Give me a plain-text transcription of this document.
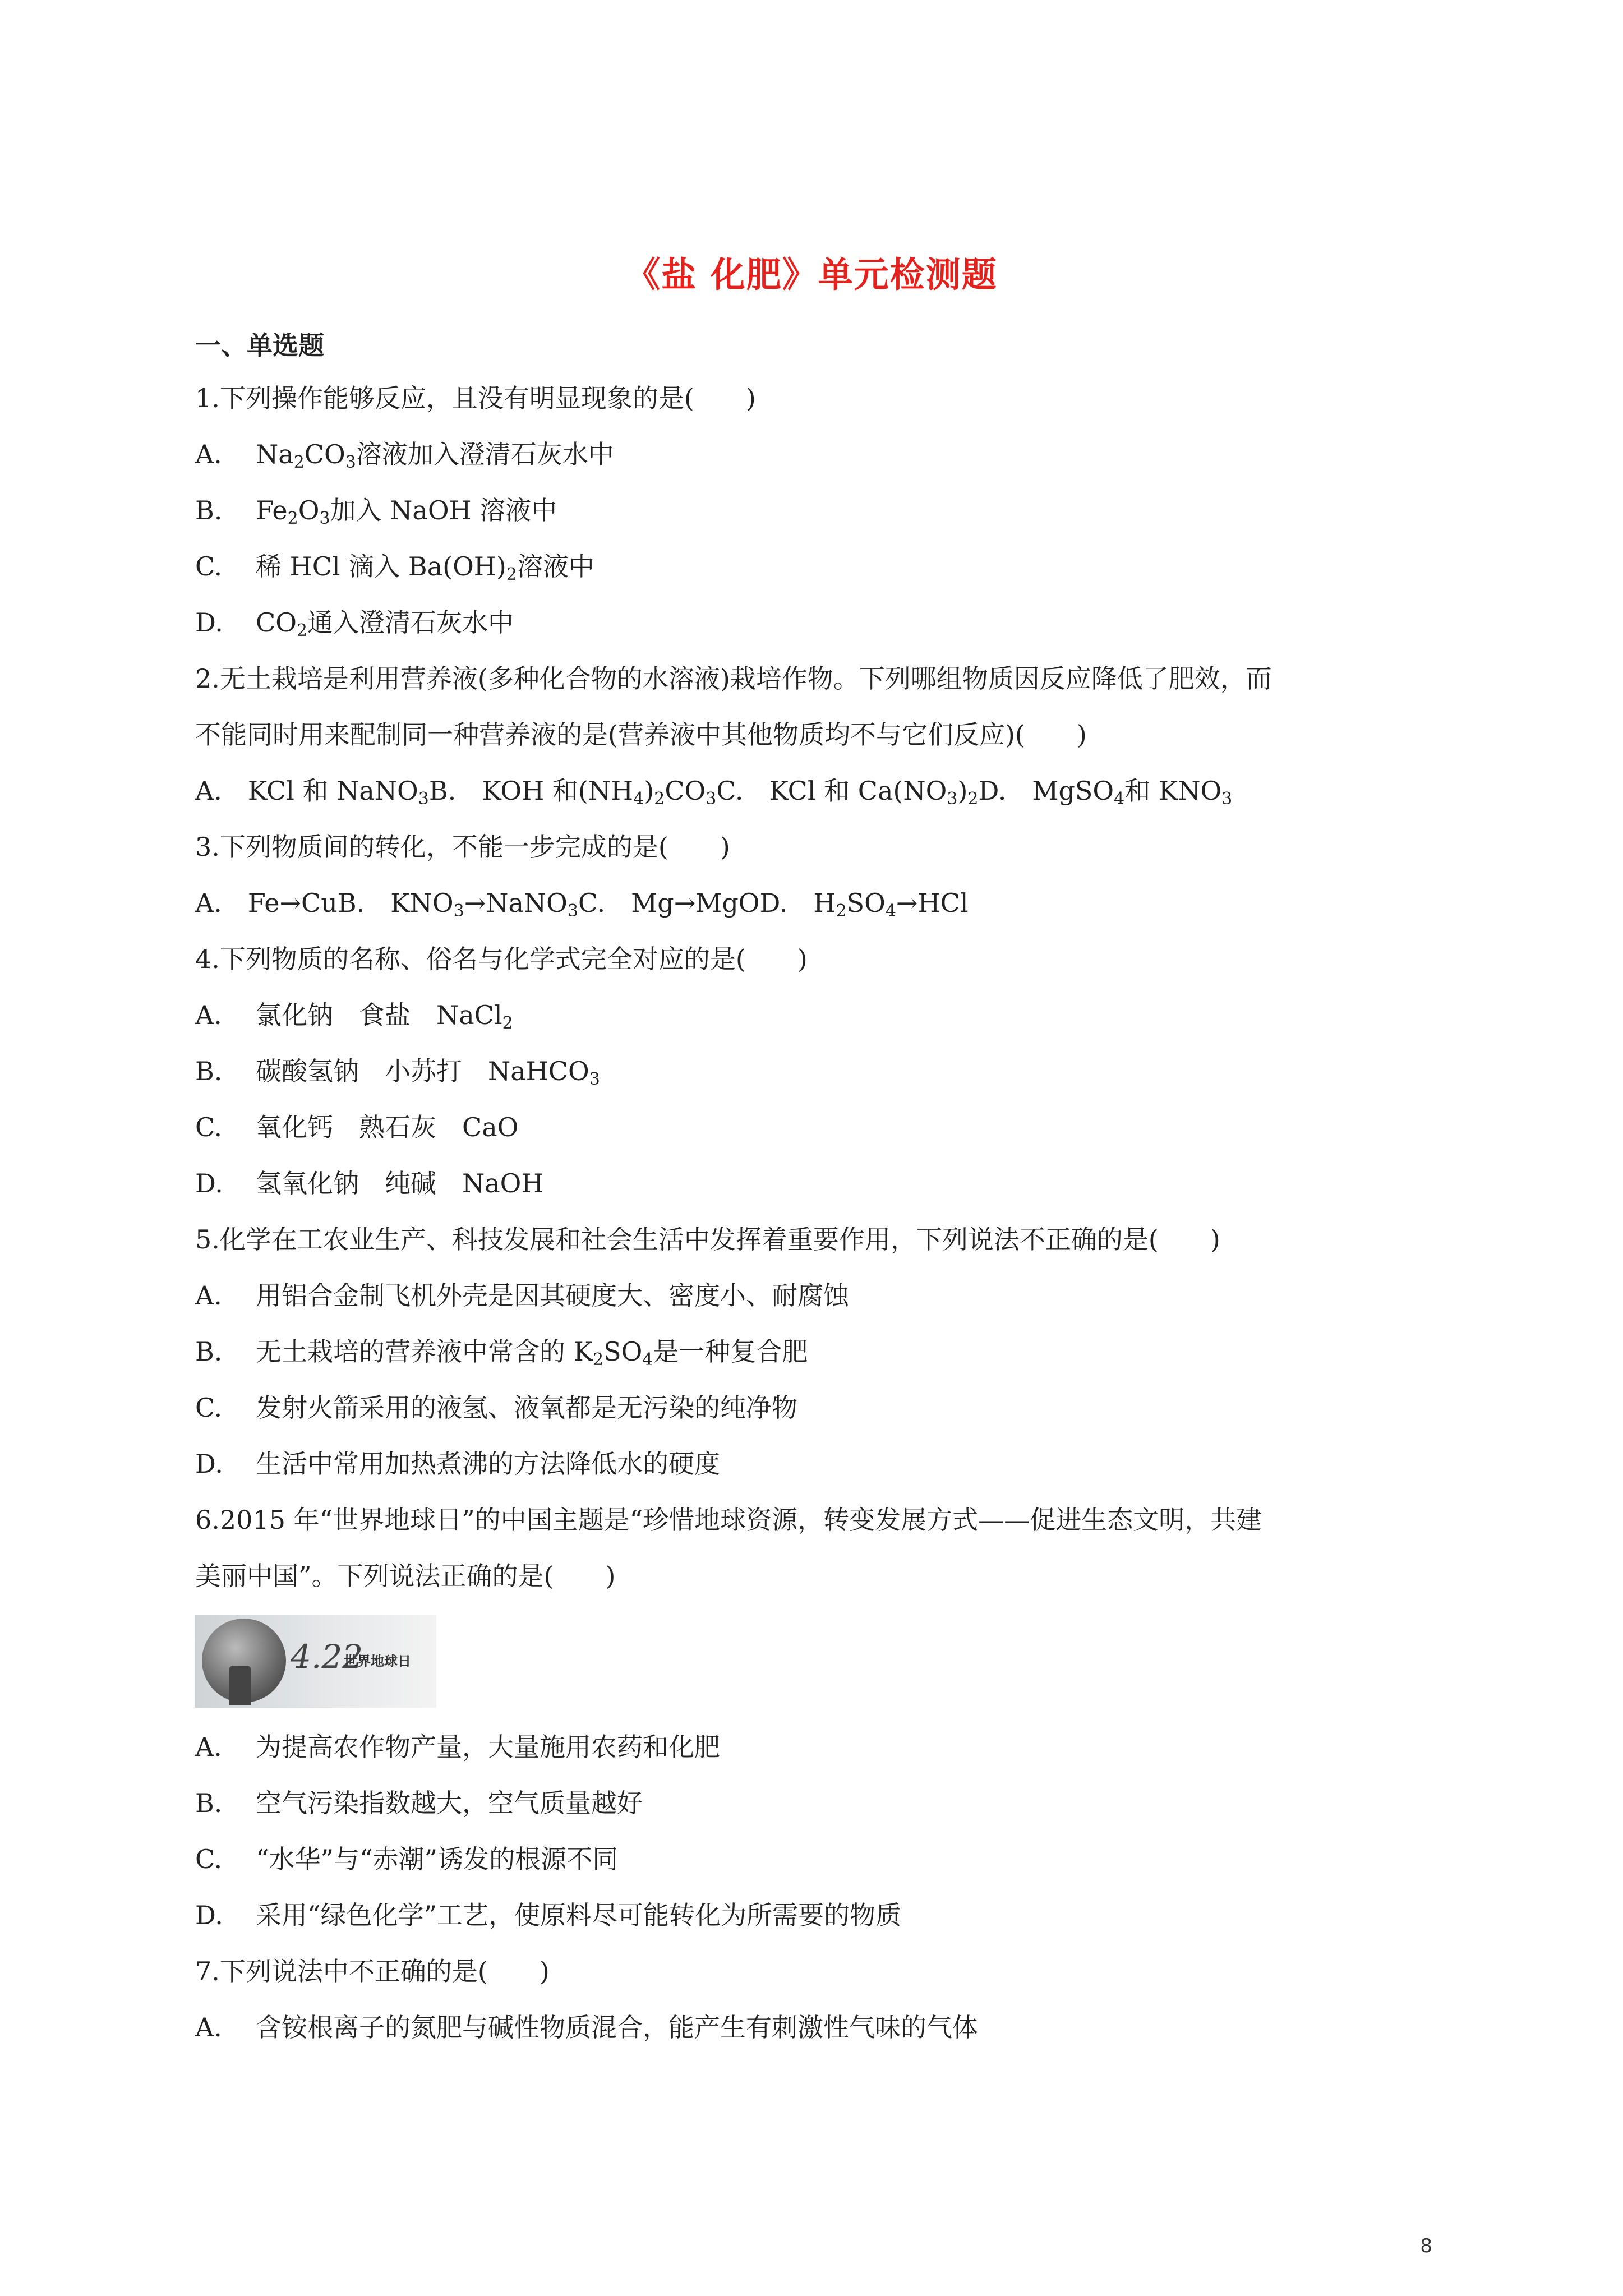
《盐 化肥》单元检测题
一、单选题
1.下列操作能够反应，且没有明显现象的是(　　)
A. $Na_2CO_3$溶液加入澄清石灰水中
B. $Fe_2O_3$加入 NaOH 溶液中
C. 稀 HCl 滴入 $Ba(OH)_2$溶液中
D. $CO_2$通入澄清石灰水中
2.无土栽培是利用营养液(多种化合物的水溶液)栽培作物。下列哪组物质因反应降低了肥效，而
不能同时用来配制同一种营养液的是(营养液中其他物质均不与它们反应)(　　)
A.　KCl 和 NaNO$_3$B.　KOH 和$(NH_4)_2CO_3C$.　KCl 和 $Ca(NO_3)_2D$.　MgSO$_4$和 $KNO_3$
3.下列物质间的转化，不能一步完成的是(　　)
A.　Fe→CuB.　$KNO_3\to NaNO_3C$.　Mg→MgOD.　$H_2SO_4\to HCl$
4.下列物质的名称、俗名与化学式完全对应的是(　　)
A. 氯化钠　食盐　NaCl$_2$
B. 碳酸氢钠　小苏打　NaHCO$_3$
C. 氧化钙　熟石灰　CaO
D. 氢氧化钠　纯碱　NaOH
5.化学在工农业生产、科技发展和社会生活中发挥着重要作用，下列说法不正确的是(　　)
A. 用铝合金制飞机外壳是因其硬度大、密度小、耐腐蚀
B. 无土栽培的营养液中常含的 $K_2SO_4$是一种复合肥
C. 发射火箭采用的液氢、液氧都是无污染的纯净物
D. 生活中常用加热煮沸的方法降低水的硬度
6.2015 年“世界地球日”的中国主题是“珍惜地球资源，转变发展方式——促进生态文明，共建
美丽中国”。下列说法正确的是(　　)
4.22
世界地球日
A. 为提高农作物产量，大量施用农药和化肥
B. 空气污染指数越大，空气质量越好
C. “水华”与“赤潮”诱发的根源不同
D. 采用“绿色化学”工艺，使原料尽可能转化为所需要的物质
7.下列说法中不正确的是(　　)
A. 含铵根离子的氮肥与碱性物质混合，能产生有刺激性气味的气体
8
